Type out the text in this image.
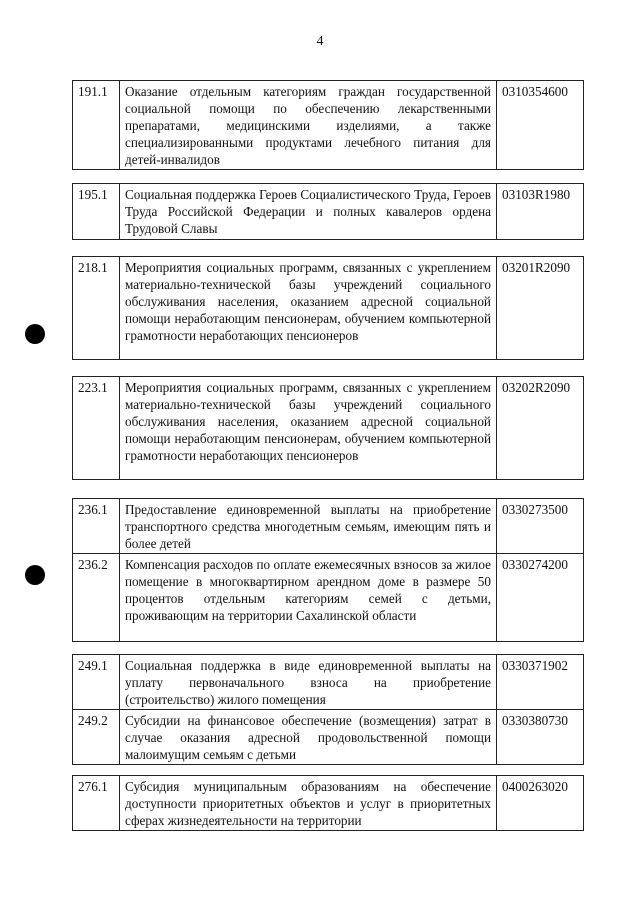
4
191.1	Оказание отдельным категориям граждан государственной социальной помощи по обеспечению лекарственными препаратами, медицинскими изделиями, а также специализированными продуктами лечебного питания для детей-инвалидов	0310354600
195.1	Социальная поддержка Героев Социалистического Труда, Героев Труда Российской Федерации и полных кавалеров ордена Трудовой Славы	03103R1980
218.1	Мероприятия социальных программ, связанных с укреплением материально-технической базы учреждений социального обслуживания населения, оказанием адресной социальной помощи неработающим пенсионерам, обучением компьютерной грамотности неработающих пенсионеров	03201R2090
223.1	Мероприятия социальных программ, связанных с укреплением материально-технической базы учреждений социального обслуживания населения, оказанием адресной социальной помощи неработающим пенсионерам, обучением компьютерной грамотности неработающих пенсионеров	03202R2090
236.1	Предоставление единовременной выплаты на приобретение транспортного средства многодетным семьям, имеющим пять и более детей	0330273500
236.2	Компенсация расходов по оплате ежемесячных взносов за жилое помещение в многоквартирном арендном доме в размере 50 процентов отдельным категориям семей с детьми, проживающим на территории Сахалинской области	0330274200
249.1	Социальная поддержка в виде единовременной выплаты на уплату первоначального взноса на приобретение (строительство) жилого помещения	0330371902
249.2	Субсидии на финансовое обеспечение (возмещения) затрат в случае оказания адресной продовольственной помощи малоимущим семьям с детьми	0330380730
276.1	Субсидия муниципальным образованиям на обеспечение доступности приоритетных объектов и услуг в приоритетных сферах жизнедеятельности на территории	0400263020
